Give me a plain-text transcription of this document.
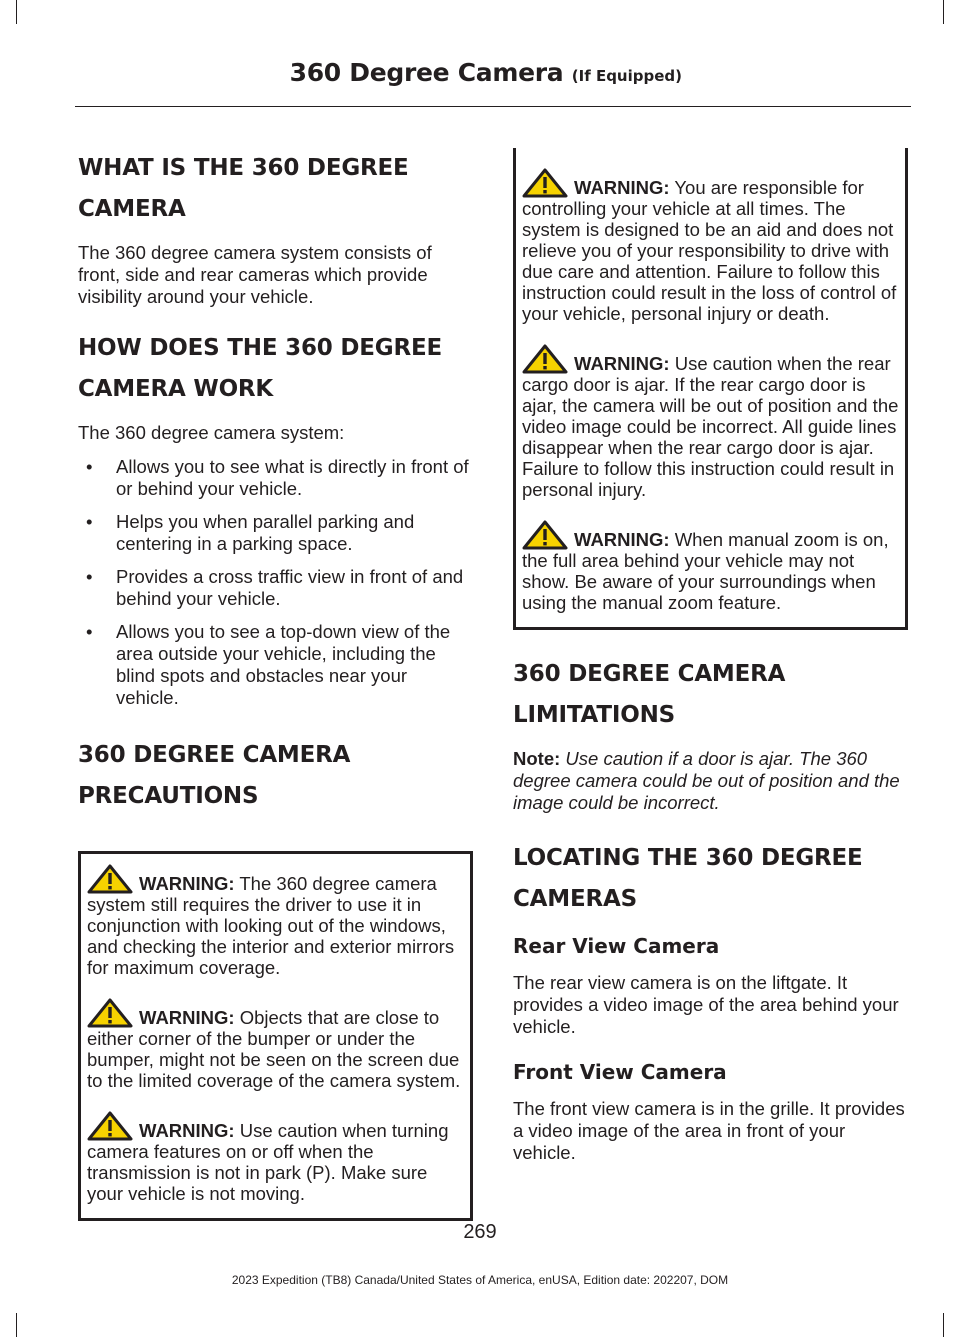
360 Degree Camera (If Equipped)
WHAT IS THE 360 DEGREE CAMERA

The 360 degree camera system consists of front, side and rear cameras which provide visibility around your vehicle.

HOW DOES THE 360 DEGREE CAMERA WORK

The 360 degree camera system:

• Allows you to see what is directly in front of or behind your vehicle.
• Helps you when parallel parking and centering in a parking space.
• Provides a cross traffic view in front of and behind your vehicle.
• Allows you to see a top-down view of the area outside your vehicle, including the blind spots and obstacles near your vehicle.
360 DEGREE CAMERA PRECAUTIONS
WARNING: The 360 degree camera system still requires the driver to use it in conjunction with looking out of the windows, and checking the interior and exterior mirrors for maximum coverage.
WARNING: Objects that are close to either corner of the bumper or under the bumper, might not be seen on the screen due to the limited coverage of the camera system.
WARNING: Use caution when turning camera features on or off when the transmission is not in park (P). Make sure your vehicle is not moving.
WARNING: You are responsible for controlling your vehicle at all times. The system is designed to be an aid and does not relieve you of your responsibility to drive with due care and attention. Failure to follow this instruction could result in the loss of control of your vehicle, personal injury or death.
WARNING: Use caution when the rear cargo door is ajar. If the rear cargo door is ajar, the camera will be out of position and the video image could be incorrect. All guide lines disappear when the rear cargo door is ajar. Failure to follow this instruction could result in personal injury.
WARNING: When manual zoom is on, the full area behind your vehicle may not show. Be aware of your surroundings when using the manual zoom feature.
360 DEGREE CAMERA LIMITATIONS
Note: Use caution if a door is ajar. The 360 degree camera could be out of position and the image could be incorrect.
LOCATING THE 360 DEGREE CAMERAS
Rear View Camera

The rear view camera is on the liftgate. It provides a video image of the area behind your vehicle.

Front View Camera

The front view camera is in the grille. It provides a video image of the area in front of your vehicle.

269
2023 Expedition (TB8) Canada/United States of America, enUSA, Edition date: 202207, DOM
